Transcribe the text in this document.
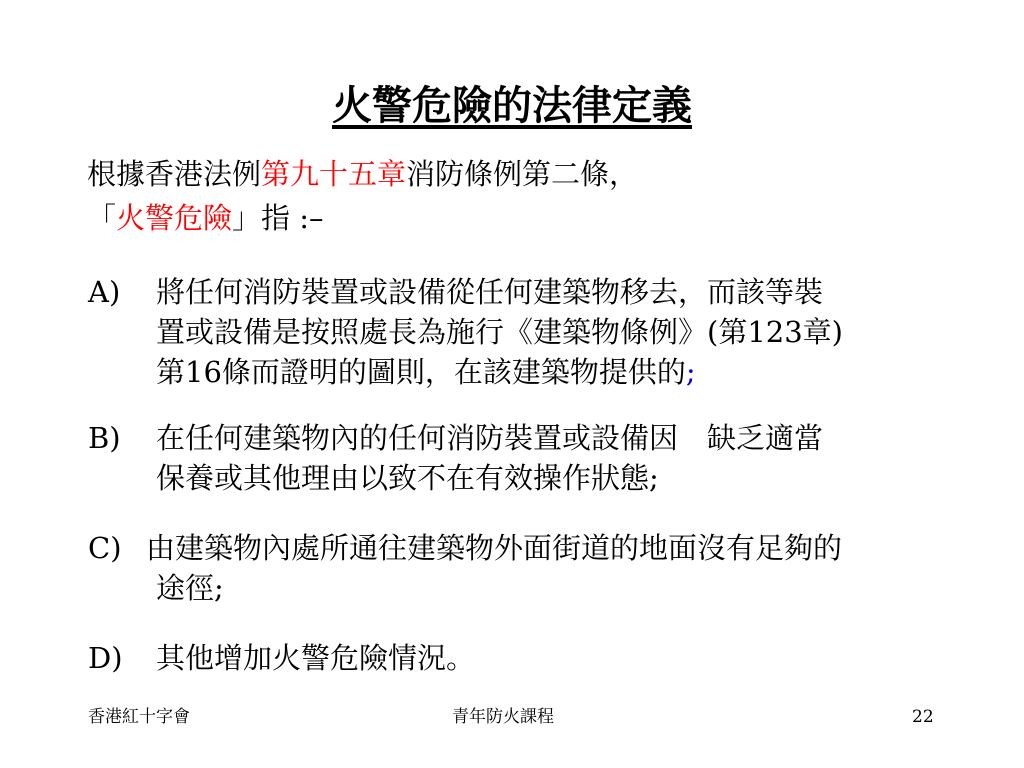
火警危險的法律定義
根據香港法例第九十五章消防條例第二條，
「火警危險」指 :–
A) 將任何消防裝置或設備從任何建築物移去，而該等裝
置或設備是按照處長為施行《建築物條例》(第123章)
第16條而證明的圖則，在該建築物提供的;
B) 在任何建築物內的任何消防裝置或設備因　缺乏適當
保養或其他理由以致不在有效操作狀態;
C) 由建築物內處所通往建築物外面街道的地面沒有足夠的
途徑;
D) 其他增加火警危險情況。
香港紅十字會	青年防火課程	22
